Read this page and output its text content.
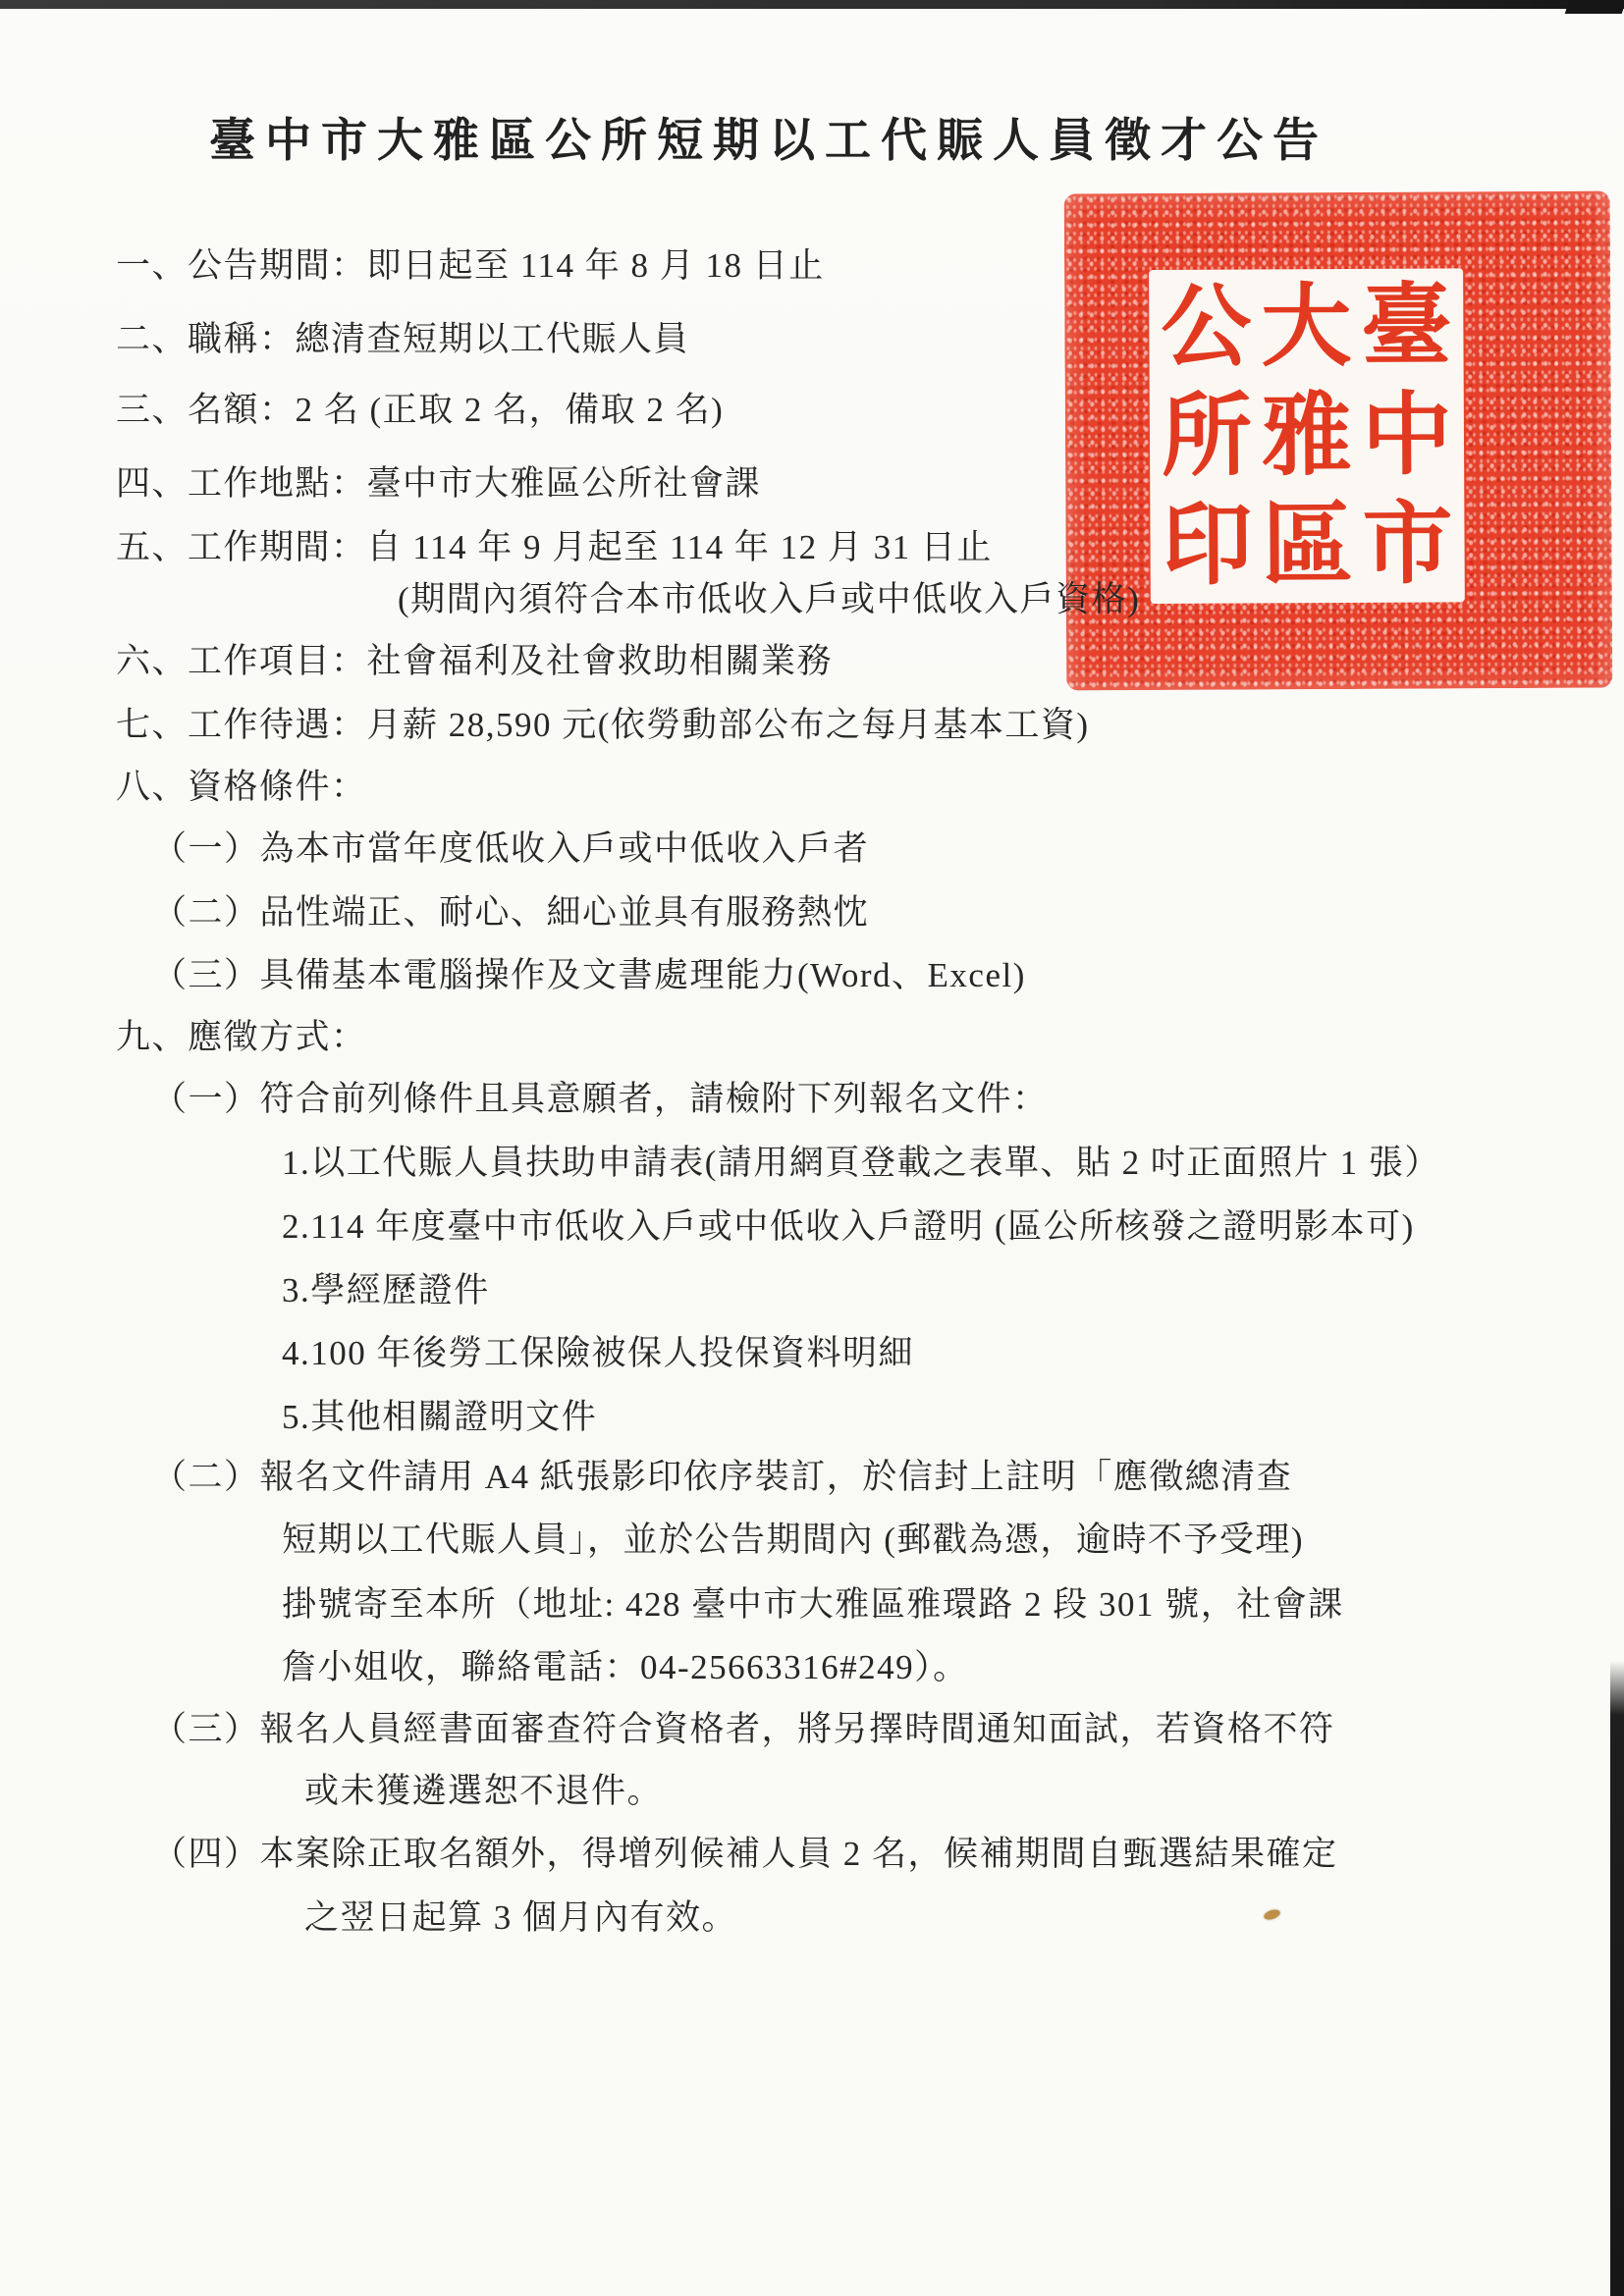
臺中市大雅區公所短期以工代賑人員徵才公告

一、公告期間：即日起至 114 年 8 月 18 日止

二、職稱：總清查短期以工代賑人員

三、名額：2 名 (正取 2 名，備取 2 名)

四、工作地點：臺中市大雅區公所社會課

五、工作期間：自 114 年 9 月起至 114 年 12 月 31 日止

(期間內須符合本市低收入戶或中低收入戶資格)

六、工作項目：社會福利及社會救助相關業務

七、工作待遇：月薪 28,590 元(依勞動部公布之每月基本工資)

八、資格條件：

（一）為本市當年度低收入戶或中低收入戶者

（二）品性端正、耐心、細心並具有服務熱忱

（三）具備基本電腦操作及文書處理能力(Word、Excel)

九、應徵方式：

（一）符合前列條件且具意願者，請檢附下列報名文件：

1.以工代賑人員扶助申請表(請用網頁登載之表單、貼 2 吋正面照片 1 張）

2.114 年度臺中市低收入戶或中低收入戶證明 (區公所核發之證明影本可)

3.學經歷證件

4.100 年後勞工保險被保人投保資料明細

5.其他相關證明文件

（二）報名文件請用 A4 紙張影印依序裝訂，於信封上註明「應徵總清查

短期以工代賑人員」，並於公告期間內 (郵戳為憑，逾時不予受理)

掛號寄至本所（地址: 428 臺中市大雅區雅環路 2 段 301 號，社會課

詹小姐收，聯絡電話：04-25663316#249）。

（三）報名人員經書面審查符合資格者，將另擇時間通知面試，若資格不符

或未獲遴選恕不退件。

（四）本案除正取名額外，得增列候補人員 2 名，候補期間自甄選結果確定

之翌日起算 3 個月內有效。

公
所
印
大
雅
區
臺
中
市
